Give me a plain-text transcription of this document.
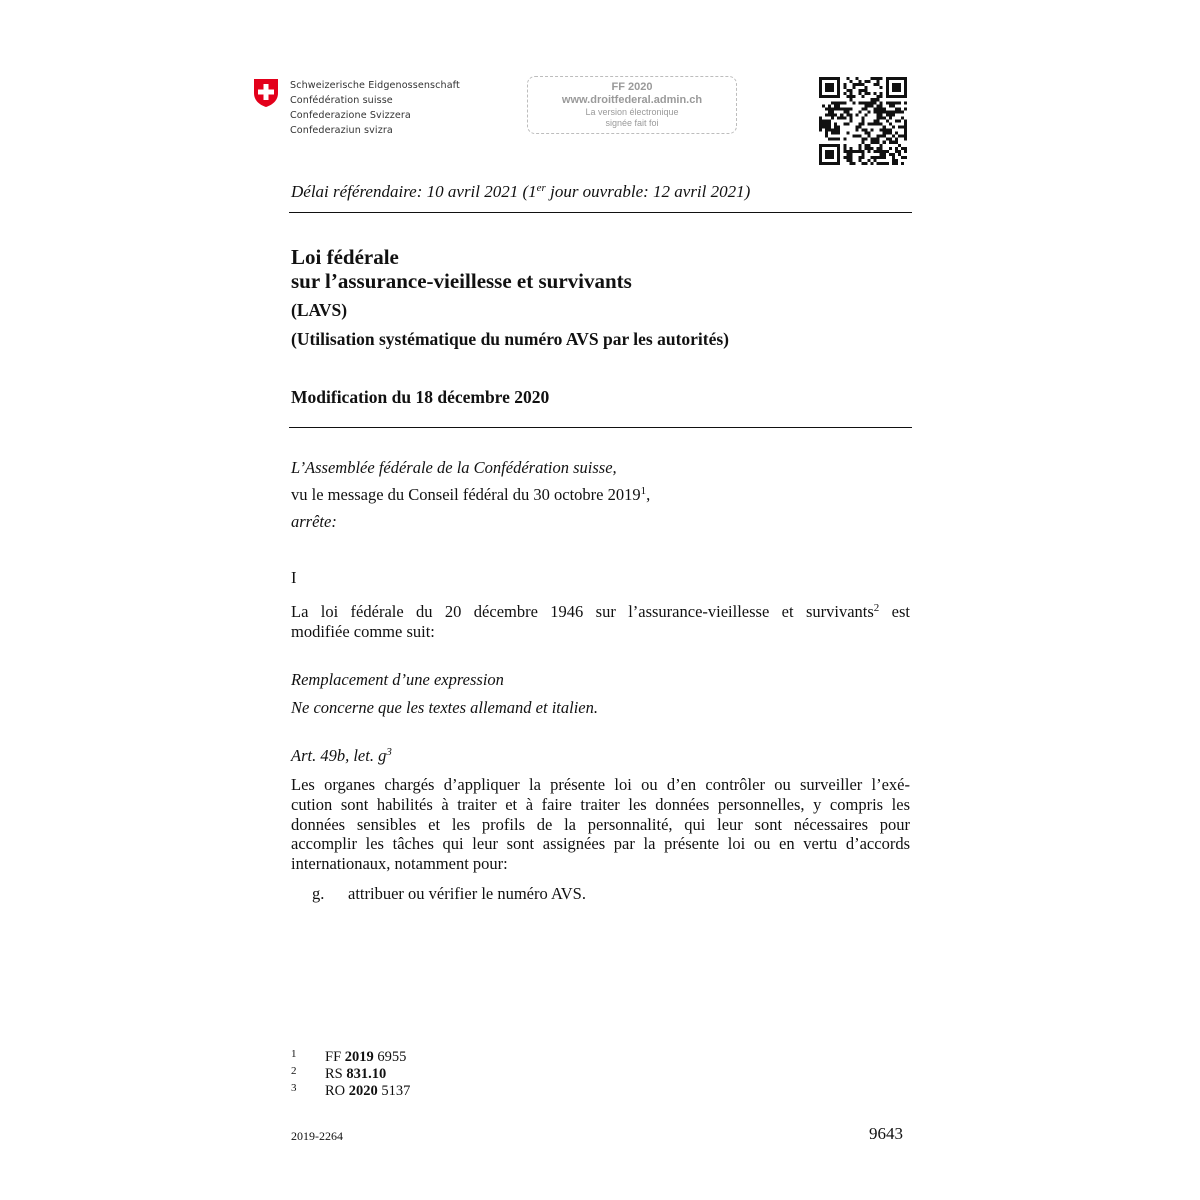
Schweizerische Eidgenossenschaft
Confédération suisse
Confederazione Svizzera
Confederaziun svizra
FF 2020
www.droitfederal.admin.ch
La version électronique
signée fait foi
Délai référendaire: 10 avril 2021 (1er jour ouvrable: 12 avril 2021)
Loi fédérale
sur l’assurance-vieillesse et survivants
(LAVS)
(Utilisation systématique du numéro AVS par les autorités)
Modification du 18 décembre 2020
L’Assemblée fédérale de la Confédération suisse,
vu le message du Conseil fédéral du 30 octobre 2019$^1$,
arrête:
I
La loi fédérale du 20 décembre 1946 sur l’assurance-vieillesse et survivants$^2$ est
modifiée comme suit:
Remplacement d’une expression
Ne concerne que les textes allemand et italien.
Art. 49b, let. $g^3$
Les organes chargés d’appliquer la présente loi ou d’en contrôler ou surveiller l’exé-
cution sont habilités à traiter et à faire traiter les données personnelles, y compris les
données sensibles et les profils de la personnalité, qui leur sont nécessaires pour
accomplir les tâches qui leur sont assignées par la présente loi ou en vertu d’accords
internationaux, notamment pour:
g. attribuer ou vérifier le numéro AVS.
1 FF 2019 6955
2 RS 831.10
3 RO 2020 5137
2019-2264	9643
